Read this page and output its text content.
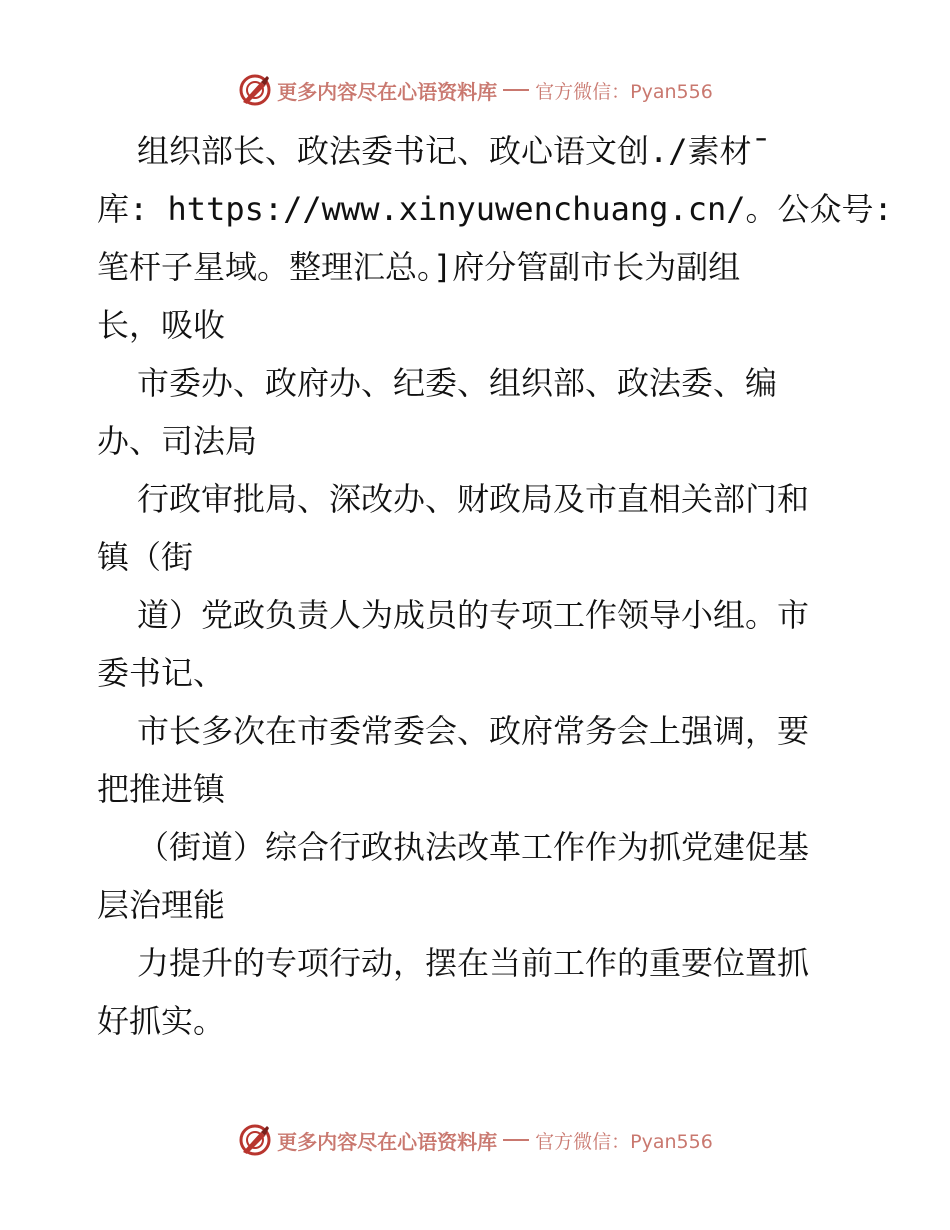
更多内容尽在心语资料库 官方微信：Pyan556
组织部长、政法委书记、政心语文创./素材¯
库: https://www.xinyuwenchuang.cn/。公众号:
笔杆子星域。整理汇总。]府分管副市长为副组
长，吸收
市委办、政府办、纪委、组织部、政法委、编
办、司法局
行政审批局、深改办、财政局及市直相关部门和
镇（街
道）党政负责人为成员的专项工作领导小组。市
委书记、
市长多次在市委常委会、政府常务会上强调，要
把推进镇
（街道）综合行政执法改革工作作为抓党建促基
层治理能
力提升的专项行动，摆在当前工作的重要位置抓
好抓实。
更多内容尽在心语资料库 官方微信：Pyan556
